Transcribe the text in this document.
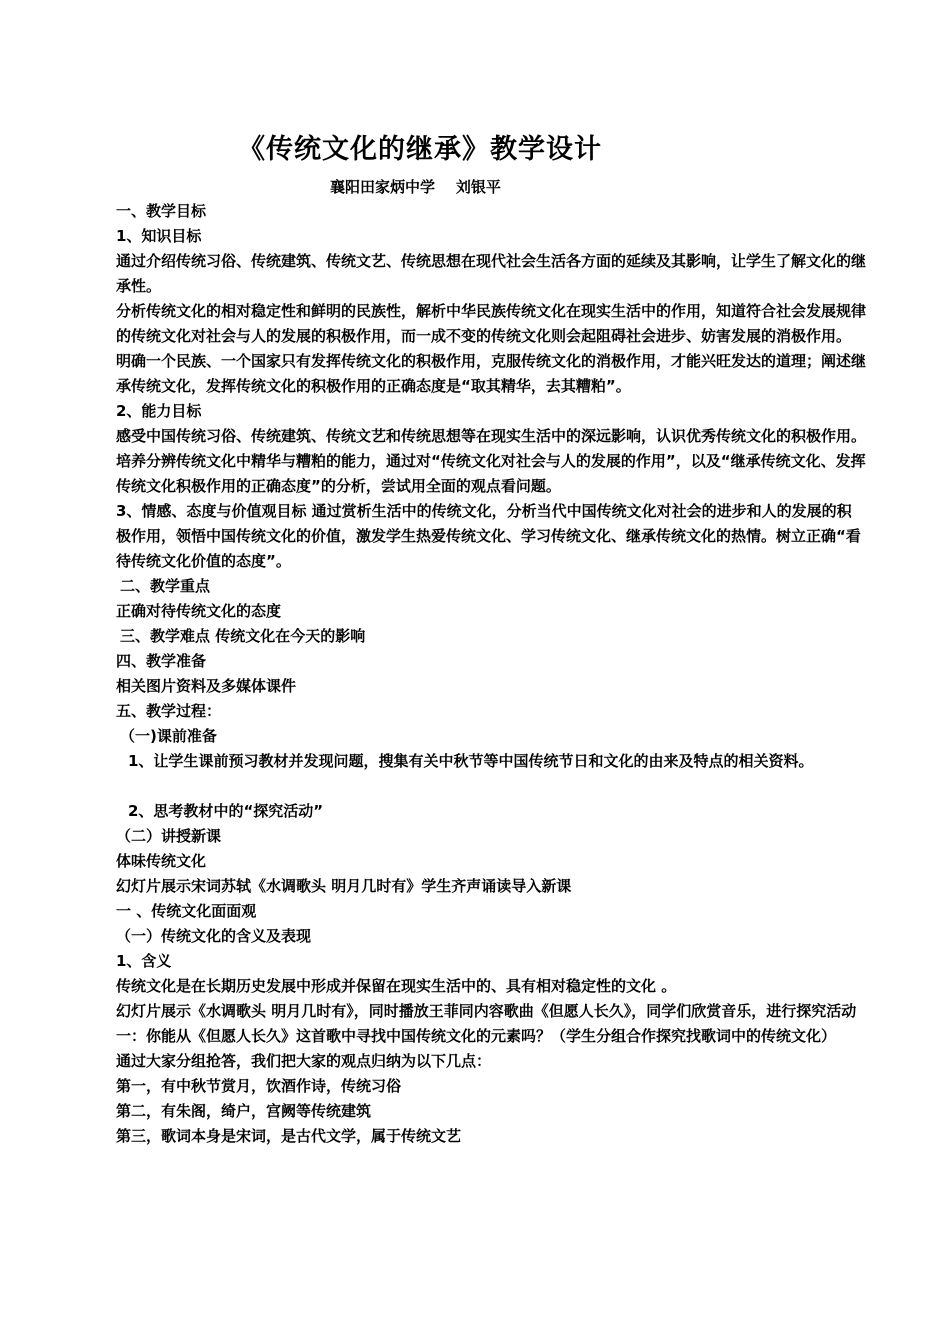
《传统文化的继承》教学设计
襄阳田家炳中学    刘银平

一、教学目标

1、知识目标

通过介绍传统习俗、传统建筑、传统文艺、传统思想在现代社会生活各方面的延续及其影响，让学生了解文化的继承性。

分析传统文化的相对稳定性和鲜明的民族性，解析中华民族传统文化在现实生活中的作用，知道符合社会发展规律的传统文化对社会与人的发展的积极作用，而一成不变的传统文化则会起阻碍社会进步、妨害发展的消极作用。

明确一个民族、一个国家只有发挥传统文化的积极作用，克服传统文化的消极作用，才能兴旺发达的道理；阐述继承传统文化，发挥传统文化的积极作用的正确态度是“取其精华，去其糟粕”。

2、能力目标

感受中国传统习俗、传统建筑、传统文艺和传统思想等在现实生活中的深远影响，认识优秀传统文化的积极作用。

培养分辨传统文化中精华与糟粕的能力，通过对“传统文化对社会与人的发展的作用”，以及“继承传统文化、发挥传统文化积极作用的正确态度”的分析，尝试用全面的观点看问题。

3、情感、态度与价值观目标 通过赏析生活中的传统文化，分析当代中国传统文化对社会的进步和人的发展的积极作用，领悟中国传统文化的价值，激发学生热爱传统文化、学习传统文化、继承传统文化的热情。树立正确“看待传统文化价值的态度”。

二、教学重点

正确对待传统文化的态度

三、教学难点 传统文化在今天的影响

四、教学准备

相关图片资料及多媒体课件

五、教学过程：

（一)课前准备

1、让学生课前预习教材并发现问题，搜集有关中秋节等中国传统节日和文化的由来及特点的相关资料。

2、思考教材中的“探究活动”

（二）讲授新课

体味传统文化

幻灯片展示宋词苏轼《水调歌头 明月几时有》学生齐声诵读导入新课

一 、传统文化面面观

（一）传统文化的含义及表现

1、含义

传统文化是在长期历史发展中形成并保留在现实生活中的、具有相对稳定性的文化 。

幻灯片展示《水调歌头 明月几时有》，同时播放王菲同内容歌曲《但愿人长久》，同学们欣赏音乐，进行探究活动一：你能从《但愿人长久》这首歌中寻找中国传统文化的元素吗？（学生分组合作探究找歌词中的传统文化）

通过大家分组抢答，我们把大家的观点归纳为以下几点：

第一，有中秋节赏月，饮酒作诗，传统习俗

第二，有朱阁，绮户，宫阙等传统建筑

第三，歌词本身是宋词，是古代文学，属于传统文艺
